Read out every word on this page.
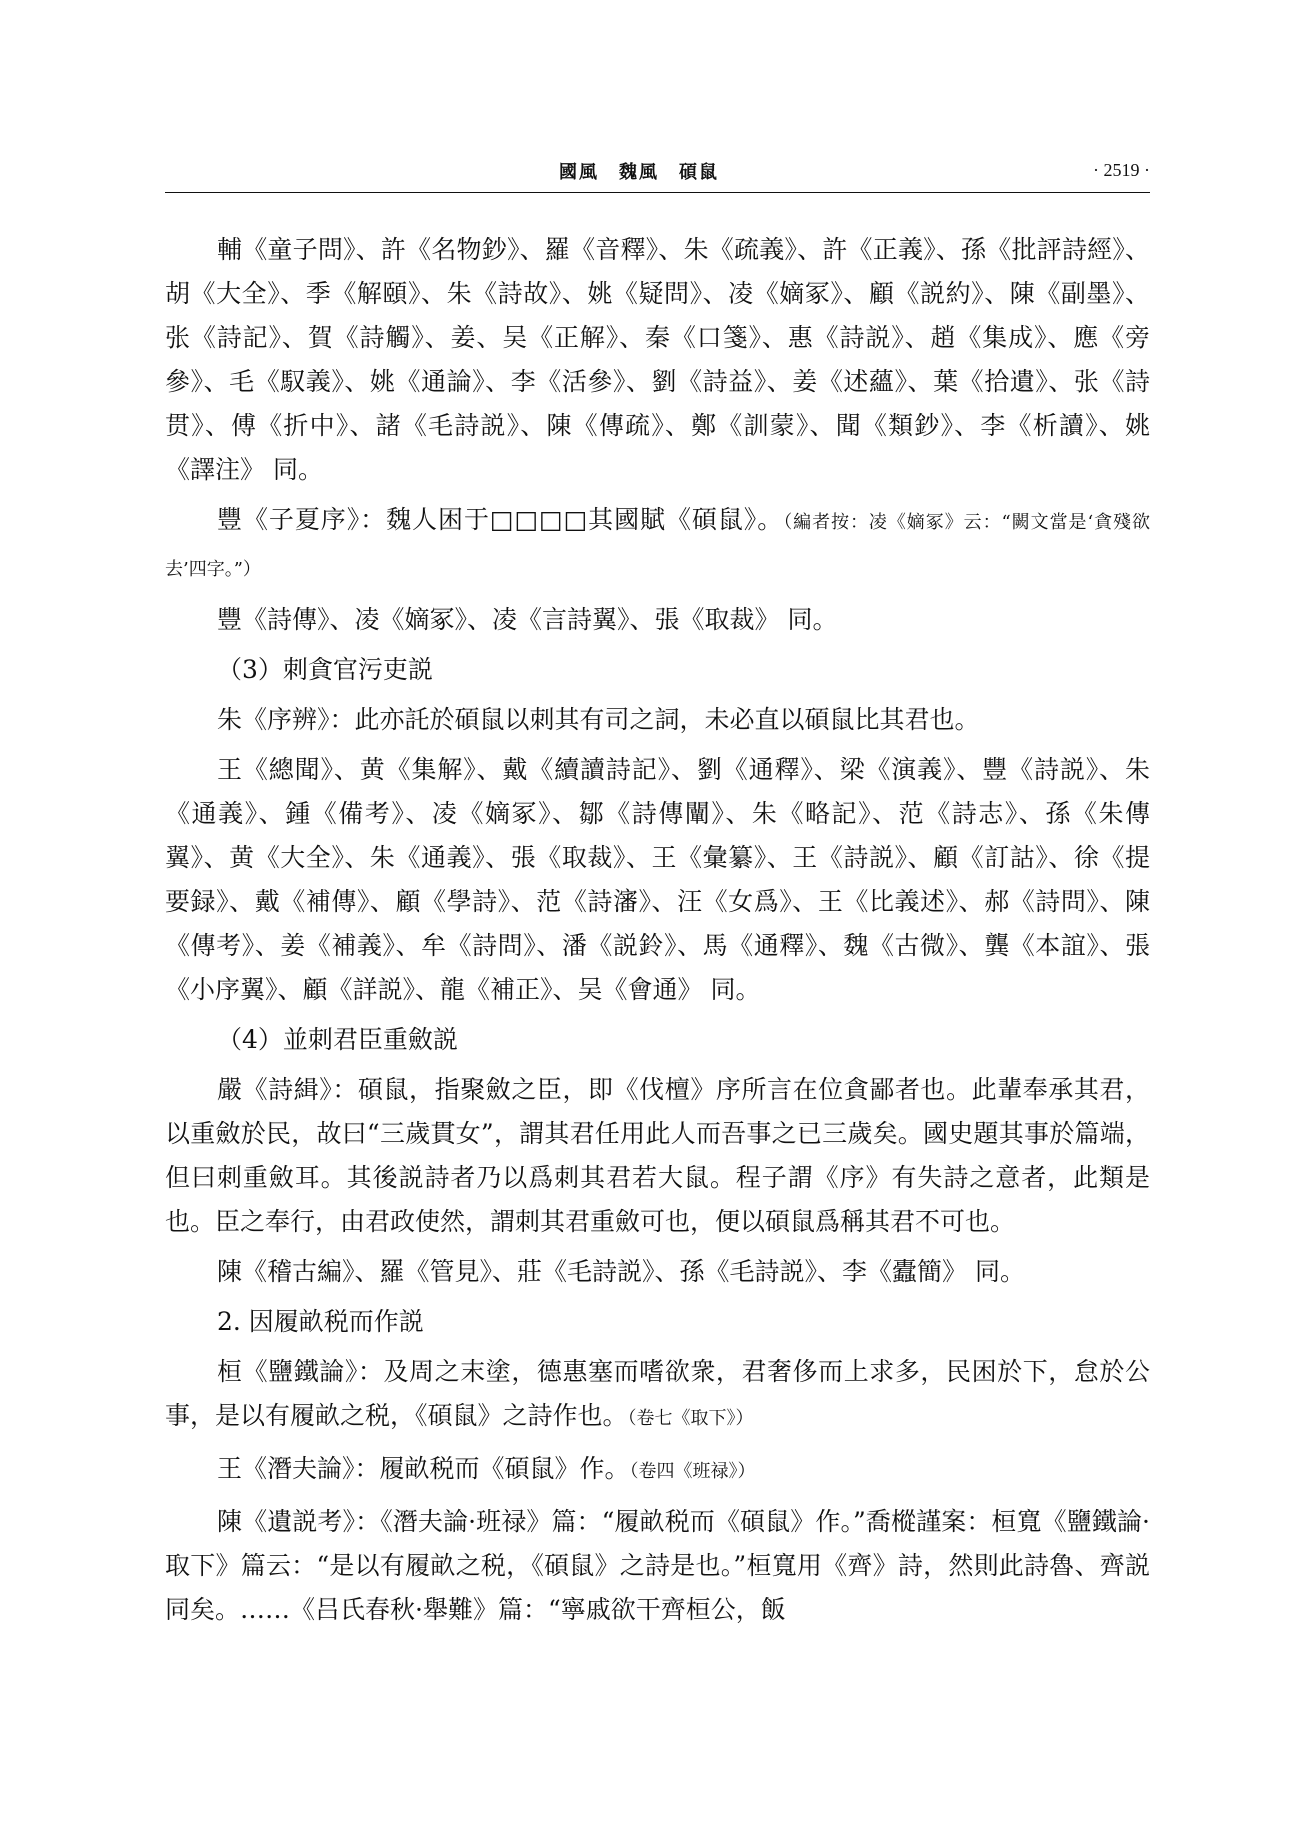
國風　魏風　碩鼠	· 2519 ·

輔《童子問》、許《名物鈔》、羅《音釋》、朱《疏義》、許《正義》、孫《批評詩經》、胡《大全》、季《解頤》、朱《詩故》、姚《疑問》、凌《嫡冢》、顧《説約》、陳《副墨》、张《詩記》、賀《詩觸》、姜、吴《正解》、秦《口箋》、惠《詩説》、趙《集成》、應《旁參》、毛《馭義》、姚《通論》、李《活參》、劉《詩益》、姜《述蘊》、葉《拾遺》、张《詩贯》、傅《折中》、諸《毛詩説》、陳《傳疏》、鄭《訓蒙》、聞《類鈔》、李《析讀》、姚《譯注》 同。

豐《子夏序》：魏人困于□□□□其國賦《碩鼠》。（編者按：凌《嫡冢》云：“闕文當是‘貪殘欲去’四字。”）

豐《詩傳》、凌《嫡冢》、凌《言詩翼》、張《取裁》 同。

（3）刺貪官污吏説

朱《序辨》：此亦託於碩鼠以刺其有司之詞，未必直以碩鼠比其君也。

王《總聞》、黄《集解》、戴《續讀詩記》、劉《通釋》、梁《演義》、豐《詩説》、朱《通義》、鍾《備考》、凌《嫡冢》、鄒《詩傳闡》、朱《略記》、范《詩志》、孫《朱傳翼》、黄《大全》、朱《通義》、張《取裁》、王《彙纂》、王《詩説》、顧《訂詁》、徐《提要録》、戴《補傳》、顧《學詩》、范《詩瀋》、汪《女爲》、王《比義述》、郝《詩問》、陳《傳考》、姜《補義》、牟《詩問》、潘《説鈴》、馬《通釋》、魏《古微》、龔《本誼》、張《小序翼》、顧《詳説》、龍《補正》、吴《會通》 同。

（4）並刺君臣重斂説

嚴《詩緝》：碩鼠，指聚斂之臣，即《伐檀》序所言在位貪鄙者也。此輩奉承其君，以重斂於民，故曰“三歲貫女”，謂其君任用此人而吾事之已三歲矣。國史題其事於篇端，但曰刺重斂耳。其後説詩者乃以爲刺其君若大鼠。程子謂《序》有失詩之意者，此類是也。臣之奉行，由君政使然，謂刺其君重斂可也，便以碩鼠爲稱其君不可也。

陳《稽古編》、羅《管見》、莊《毛詩説》、孫《毛詩説》、李《蠹簡》 同。

2. 因履畝税而作説

桓《鹽鐵論》：及周之末塗，德惠塞而嗜欲衆，君奢侈而上求多，民困於下，怠於公事，是以有履畝之税，《碩鼠》之詩作也。（卷七《取下》）

王《潛夫論》：履畝税而《碩鼠》作。（卷四《班禄》）

陳《遺説考》：《潛夫論·班禄》篇：“履畝税而《碩鼠》作。”喬樅謹案：桓寬《鹽鐵論·取下》篇云：“是以有履畝之税，《碩鼠》之詩是也。”桓寬用《齊》詩，然則此詩魯、齊説同矣。……《吕氏春秋·舉難》篇：“寧戚欲干齊桓公，飯
